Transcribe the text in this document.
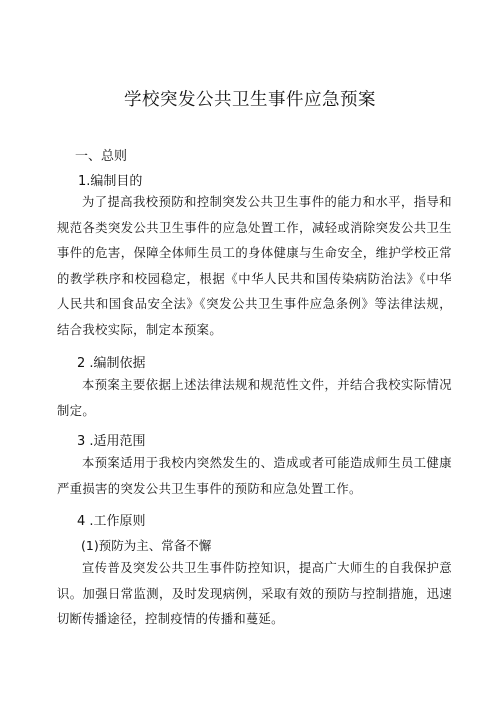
学校突发公共卫生事件应急预案
一、总则
1.编制目的
为了提高我校预防和控制突发公共卫生事件的能力和水平，指导和规范各类突发公共卫生事件的应急处置工作，减轻或消除突发公共卫生事件的危害，保障全体师生员工的身体健康与生命安全，维护学校正常的教学秩序和校园稳定，根据《中华人民共和国传染病防治法》《中华人民共和国食品安全法》《突发公共卫生事件应急条例》等法律法规，结合我校实际，制定本预案。
2 .编制依据
本预案主要依据上述法律法规和规范性文件，并结合我校实际情况制定。
3 .适用范围
本预案适用于我校内突然发生的、造成或者可能造成师生员工健康严重损害的突发公共卫生事件的预防和应急处置工作。
4 .工作原则
(1)预防为主、常备不懈
宣传普及突发公共卫生事件防控知识，提高广大师生的自我保护意识。加强日常监测，及时发现病例，采取有效的预防与控制措施，迅速切断传播途径，控制疫情的传播和蔓延。
